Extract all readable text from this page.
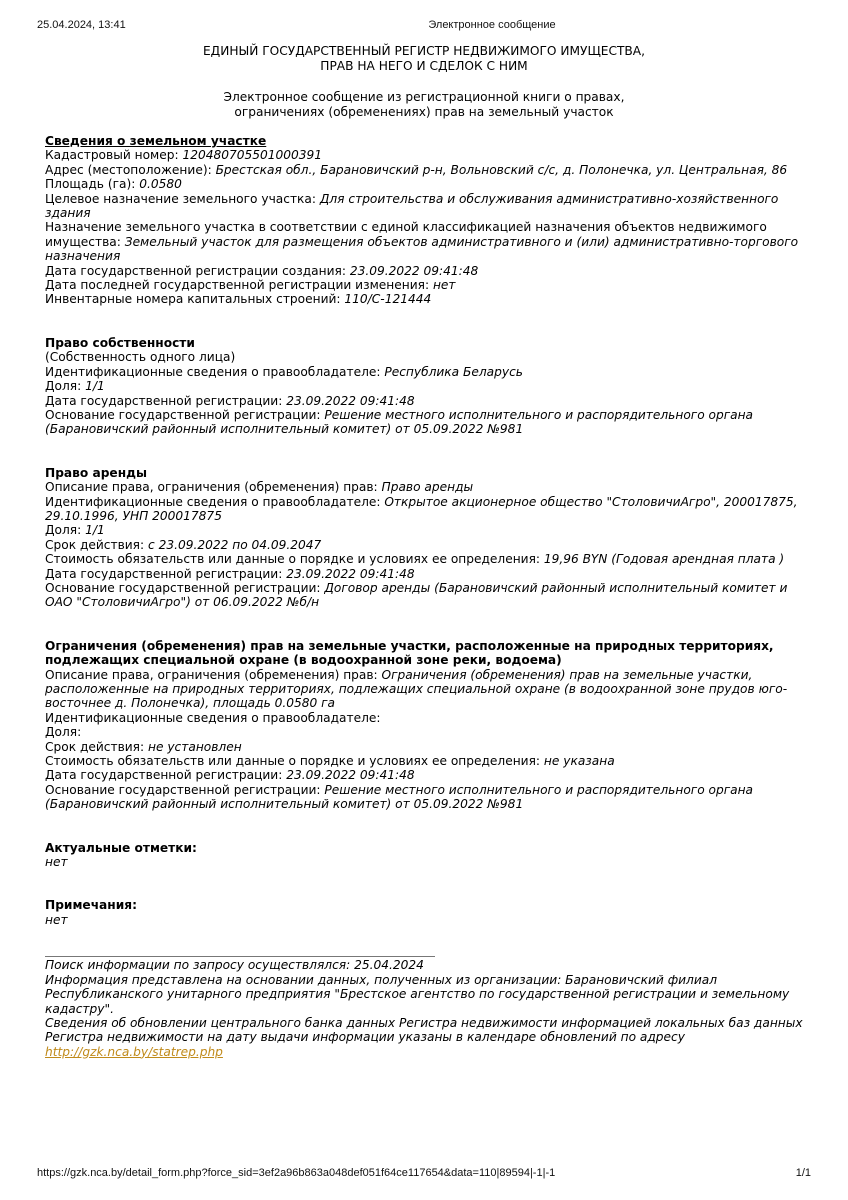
25.04.2024, 13:41	Электронное сообщение
ЕДИНЫЙ ГОСУДАРСТВЕННЫЙ РЕГИСТР НЕДВИЖИМОГО ИМУЩЕСТВА,
ПРАВ НА НЕГО И СДЕЛОК С НИМ
Электронное сообщение из регистрационной книги о правах,
ограничениях (обременениях) прав на земельный участок
Сведения о земельном участке
Кадастровый номер: 120480705501000391
Адрес (местоположение): Брестская обл., Барановичский р-н, Вольновский с/с, д. Полонечка, ул. Центральная, 86
Площадь (га): 0.0580
Целевое назначение земельного участка: Для строительства и обслуживания административно-хозяйственного здания
Назначение земельного участка в соответствии с единой классификацией назначения объектов недвижимого имущества: Земельный участок для размещения объектов административного и (или) административно-торгового назначения
Дата государственной регистрации создания: 23.09.2022 09:41:48
Дата последней государственной регистрации изменения: нет
Инвентарные номера капитальных строений: 110/C-121444
Право собственности
(Собственность одного лица)
Идентификационные сведения о правообладателе: Республика Беларусь
Доля: 1/1
Дата государственной регистрации: 23.09.2022 09:41:48
Основание государственной регистрации: Решение местного исполнительного и распорядительного органа (Барановичский районный исполнительный комитет) от 05.09.2022 №981
Право аренды
Описание права, ограничения (обременения) прав: Право аренды
Идентификационные сведения о правообладателе: Открытое акционерное общество "СтоловичиАгро", 200017875, 29.10.1996, УНП 200017875
Доля: 1/1
Срок действия: с 23.09.2022 по 04.09.2047
Стоимость обязательств или данные о порядке и условиях ее определения: 19,96 BYN (Годовая арендная плата )
Дата государственной регистрации: 23.09.2022 09:41:48
Основание государственной регистрации: Договор аренды (Барановичский районный исполнительный комитет и ОАО "СтоловичиАгро") от 06.09.2022 №б/н
Ограничения (обременения) прав на земельные участки, расположенные на природных территориях, подлежащих специальной охране (в водоохранной зоне реки, водоема)
Описание права, ограничения (обременения) прав: Ограничения (обременения) прав на земельные участки, расположенные на природных территориях, подлежащих специальной охране (в водоохранной зоне прудов юго-восточнее д. Полонечка), площадь 0.0580 га
Идентификационные сведения о правообладателе:
Доля:
Срок действия: не установлен
Стоимость обязательств или данные о порядке и условиях ее определения: не указана
Дата государственной регистрации: 23.09.2022 09:41:48
Основание государственной регистрации: Решение местного исполнительного и распорядительного органа (Барановичский районный исполнительный комитет) от 05.09.2022 №981
Актуальные отметки:
нет
Примечания:
нет
Поиск информации по запросу осуществлялся: 25.04.2024
Информация представлена на основании данных, полученных из организации: Барановичский филиал Республиканского унитарного предприятия "Брестское агентство по государственной регистрации и земельному кадастру".
Сведения об обновлении центрального банка данных Регистра недвижимости информацией локальных баз данных Регистра недвижимости на дату выдачи информации указаны в календаре обновлений по адресу
http://gzk.nca.by/statrep.php
https://gzk.nca.by/detail_form.php?force_sid=3ef2a96b863a048def051f64ce117654&data=110|89594|-1|-1	1/1
